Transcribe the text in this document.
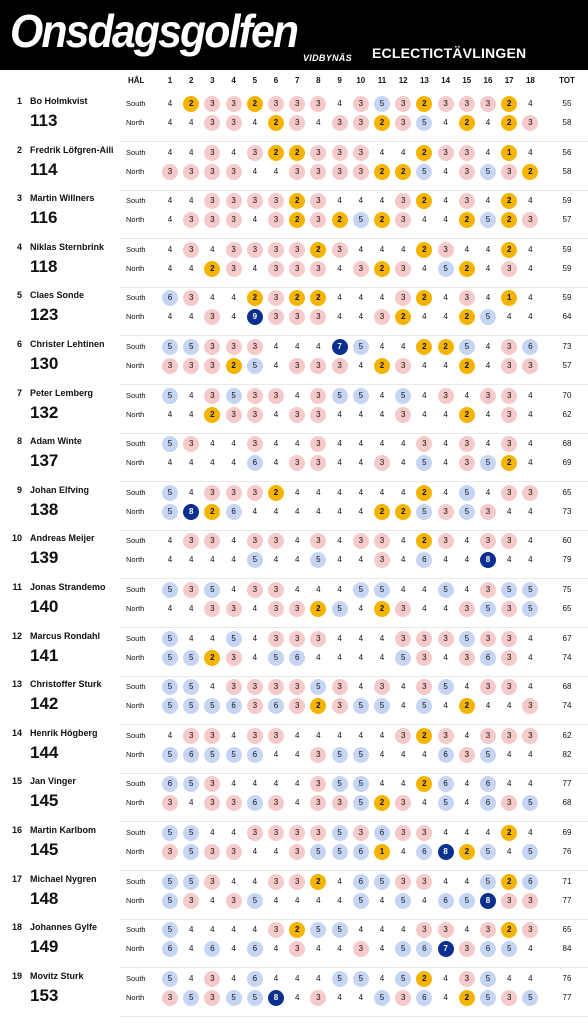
Onsdagsgolfen
VIDBYNÄS ECLECTICTÄVLINGEN
HÅL	1	2	3	4	5	6	7	8	9	10	11	12	13	14	15	16	17	18	TOT
1 Bo Holmkvist
113
South	4	2	3	3	2	3	3	3	4	3	5	3	2	3	3	3	2	4	55
North	4	4	3	3	4	2	3	4	3	3	2	3	5	4	2	4	2	3	58
2 Fredrik Löfgren-Aili
114
South	4	4	3	4	3	2	2	3	3	3	4	4	2	3	3	4	1	4	56
North	3	3	3	3	4	4	3	3	3	3	2	2	5	4	3	5	3	2	58
3 Martin Willners
116
South	4	4	3	3	3	3	2	3	4	4	4	3	2	4	3	4	2	4	59
North	4	3	3	3	4	3	2	3	2	5	2	3	4	4	2	5	2	3	57
4 Niklas Sternbrink
118
South	4	3	4	3	3	3	3	2	3	4	4	4	2	3	4	4	2	4	59
North	4	4	2	3	4	3	3	3	4	3	2	3	4	5	2	4	3	4	59
5 Claes Sonde
123
South	6	3	4	4	2	3	2	2	4	4	4	3	2	4	3	4	1	4	59
North	4	4	3	4	9	3	3	3	4	4	3	2	4	4	2	5	4	4	64
6 Christer Lehtinen
130
South	5	5	3	3	3	4	4	4	7	5	4	4	2	2	5	4	3	6	73
North	3	3	3	2	5	4	3	3	3	4	2	3	4	4	2	4	3	3	57
7 Peter Lemberg
132
South	5	4	3	5	3	3	4	3	5	5	4	5	4	3	4	3	3	4	70
North	4	4	2	3	3	4	3	3	4	4	4	3	4	4	2	4	3	4	62
8 Adam Winte
137
South	5	3	4	4	3	4	4	3	4	4	4	4	3	4	3	4	3	4	68
North	4	4	4	4	6	4	3	3	4	4	3	4	5	4	3	5	2	4	69
9 Johan Elfving
138
South	5	4	3	3	3	2	4	4	4	4	4	4	2	4	5	4	3	3	65
North	5	8	2	6	4	4	4	4	4	4	2	2	5	3	5	3	4	4	73
10 Andreas Meijer
139
South	4	3	3	4	3	3	4	3	4	3	3	4	2	3	4	3	3	4	60
North	4	4	4	4	5	4	4	5	4	4	3	4	6	4	4	8	4	4	79
11 Jonas Strandemo
140
South	5	3	5	4	3	3	4	4	4	5	5	4	4	5	4	3	5	5	75
North	4	4	3	3	4	3	3	2	5	4	2	3	4	4	3	5	3	5	65
12 Marcus Rondahl
141
South	5	4	4	5	4	3	3	3	4	4	4	3	3	3	5	3	3	4	67
North	5	5	2	3	4	5	6	4	4	4	4	5	3	4	3	6	3	4	74
13 Christoffer Sturk
142
South	5	5	4	3	3	3	3	5	3	4	3	4	3	5	4	3	3	4	68
North	5	5	5	6	3	6	3	2	3	5	5	4	5	4	2	4	4	3	74
14 Henrik Högberg
144
South	4	3	3	4	3	3	4	4	4	4	4	3	2	3	4	3	3	3	62
North	5	6	5	5	6	4	4	3	5	5	4	4	4	6	3	5	4	4	82
15 Jan Vinger
145
South	6	5	3	4	4	4	4	3	5	5	4	4	2	6	4	6	4	4	77
North	3	4	3	3	6	3	4	3	3	5	2	3	4	5	4	6	3	5	68
16 Martin Karlbom
145
South	5	5	4	4	3	3	3	3	5	3	6	3	3	4	4	4	2	4	69
North	3	5	3	3	4	4	3	5	5	6	1	4	6	8	2	5	4	5	76
17 Michael Nygren
148
South	5	5	3	4	4	3	3	2	4	6	5	3	3	4	4	5	2	6	71
North	5	3	4	3	5	4	4	4	4	5	4	5	4	6	5	8	3	3	77
18 Johannes Gylfe
149
South	5	4	4	4	4	3	2	5	5	4	4	4	3	3	4	3	2	3	65
North	6	4	6	4	6	4	3	4	4	3	4	5	6	7	3	6	5	4	84
19 Movitz Sturk
153
South	5	4	3	4	6	4	4	4	5	5	4	5	2	4	3	5	4	4	76
North	3	5	3	5	5	8	4	3	4	4	5	3	6	4	2	5	3	5	77
